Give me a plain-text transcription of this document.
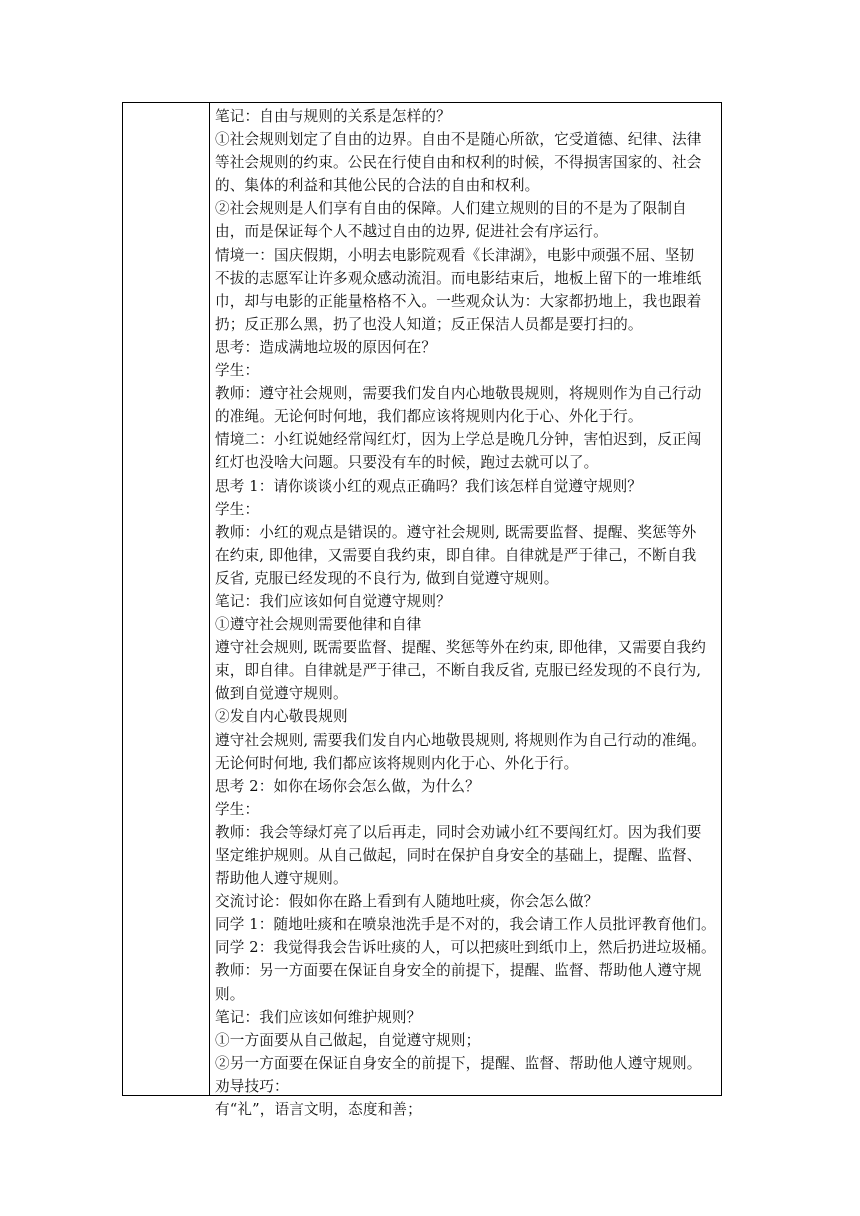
笔记：自由与规则的关系是怎样的？
①社会规则划定了自由的边界。自由不是随心所欲，它受道德、纪律、法律
等社会规则的约束。公民在行使自由和权利的时候，不得损害国家的、社会
的、集体的利益和其他公民的合法的自由和权利。
②社会规则是人们享有自由的保障。人们建立规则的目的不是为了限制自
由，而是保证每个人不越过自由的边界, 促进社会有序运行。
情境一：国庆假期，小明去电影院观看《长津湖》，电影中顽强不屈、坚韧
不拔的志愿军让许多观众感动流泪。而电影结束后，地板上留下的一堆堆纸
巾，却与电影的正能量格格不入。一些观众认为：大家都扔地上，我也跟着
扔；反正那么黑，扔了也没人知道；反正保洁人员都是要打扫的。
思考：造成满地垃圾的原因何在？
学生：
教师：遵守社会规则，需要我们发自内心地敬畏规则，将规则作为自己行动
的准绳。无论何时何地，我们都应该将规则内化于心、外化于行。
情境二：小红说她经常闯红灯，因为上学总是晚几分钟，害怕迟到，反正闯
红灯也没啥大问题。只要没有车的时候，跑过去就可以了。
思考 1：请你谈谈小红的观点正确吗？我们该怎样自觉遵守规则？
学生：
教师：小红的观点是错误的。遵守社会规则, 既需要监督、提醒、奖惩等外
在约束, 即他律，又需要自我约束，即自律。自律就是严于律己，不断自我
反省, 克服已经发现的不良行为, 做到自觉遵守规则。
笔记：我们应该如何自觉遵守规则？
①遵守社会规则需要他律和自律
遵守社会规则, 既需要监督、提醒、奖惩等外在约束, 即他律，又需要自我约
束，即自律。自律就是严于律己，不断自我反省, 克服已经发现的不良行为,
做到自觉遵守规则。
②发自内心敬畏规则
遵守社会规则, 需要我们发自内心地敬畏规则, 将规则作为自己行动的准绳。
无论何时何地, 我们都应该将规则内化于心、外化于行。
思考 2：如你在场你会怎么做，为什么？
学生：
教师：我会等绿灯亮了以后再走，同时会劝诫小红不要闯红灯。因为我们要
坚定维护规则。从自己做起，同时在保护自身安全的基础上，提醒、监督、
帮助他人遵守规则。
交流讨论：假如你在路上看到有人随地吐痰，你会怎么做？
同学 1：随地吐痰和在喷泉池洗手是不对的，我会请工作人员批评教育他们。
同学 2：我觉得我会告诉吐痰的人，可以把痰吐到纸巾上，然后扔进垃圾桶。
教师：另一方面要在保证自身安全的前提下，提醒、监督、帮助他人遵守规
则。
笔记：我们应该如何维护规则？
①一方面要从自己做起，自觉遵守规则；
②另一方面要在保证自身安全的前提下，提醒、监督、帮助他人遵守规则。
劝导技巧：
有“礼”，语言文明，态度和善；
